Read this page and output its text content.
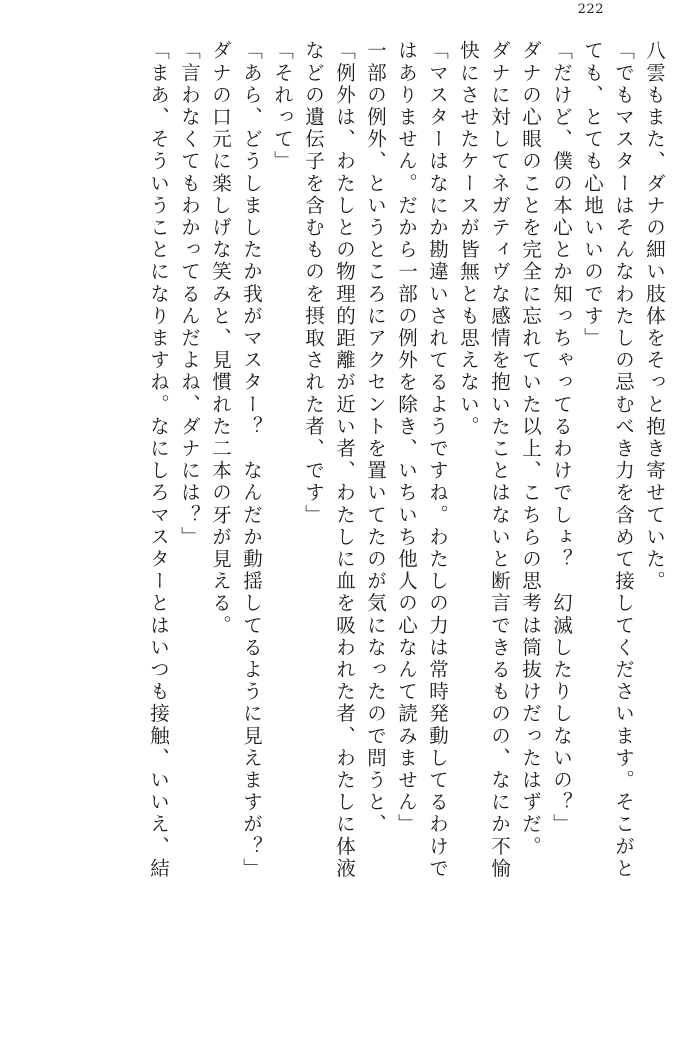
222
八雲もまた、ダナの細い肢体をそっと抱き寄せていた。
「でもマスターはそんなわたしの忌むべき力を含めて接してくださいます。そこがと
ても、とても心地いいのです」
「だけど、僕の本心とか知っちゃってるわけでしょ？　幻滅したりしないの？」
ダナの心眼のことを完全に忘れていた以上、こちらの思考は筒抜けだったはずだ。
ダナに対してネガティヴな感情を抱いたことはないと断言できるものの、なにか不愉
快にさせたケースが皆無とも思えない。
「マスターはなにか勘違いされてるようですね。わたしの力は常時発動してるわけで
はありません。だから一部の例外を除き、いちいち他人の心なんて読みません」
一部の例外、というところにアクセントを置いてたのが気になったので問うと、
「例外は、わたしとの物理的距離が近い者、わたしに血を吸われた者、わたしに体液
などの遺伝子を含むものを摂取された者、です」
「それって」
「あら、どうしましたか我がマスター？　なんだか動揺してるように見えますが？」
ダナの口元に楽しげな笑みと、見慣れた二本の牙が見える。
「言わなくてもわかってるんだよね、ダナには？」
「まあ、そういうことになりますね。なにしろマスターとはいつも接触、いいえ、結
